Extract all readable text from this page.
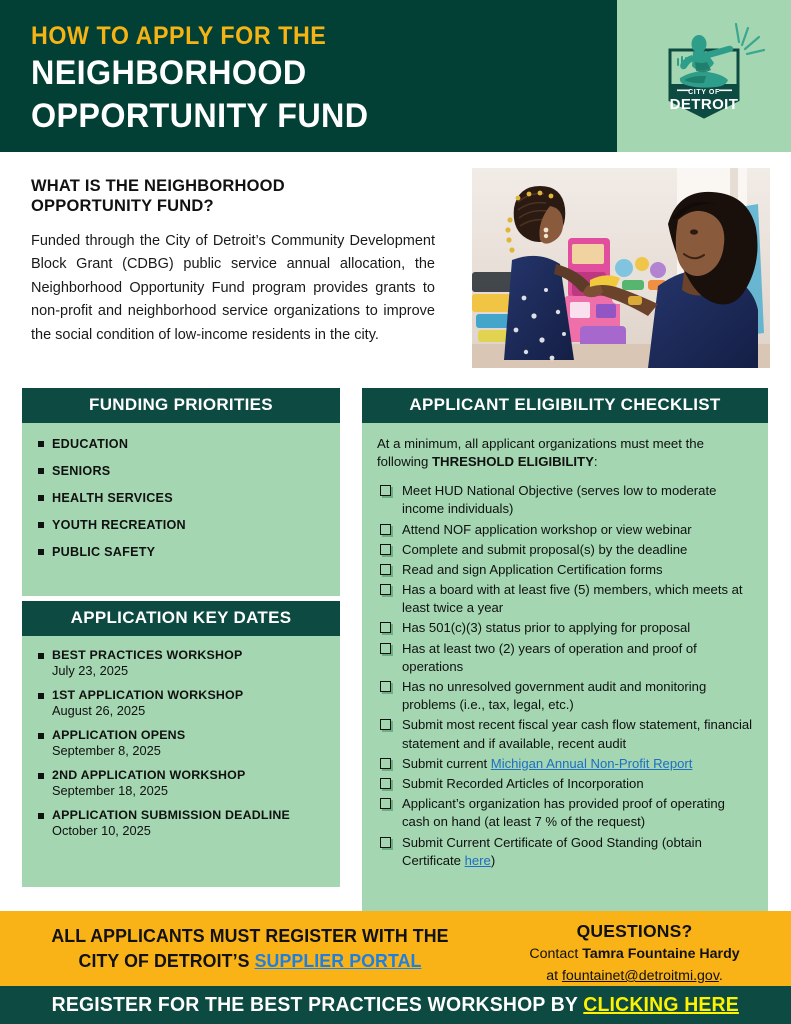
HOW TO APPLY FOR THE
NEIGHBORHOOD
OPPORTUNITY FUND
CITY OF
DETROIT
WHAT IS THE NEIGHBORHOOD
OPPORTUNITY FUND?
Funded through the City of Detroit’s Community Development Block Grant (CDBG) public service annual allocation, the Neighborhood Opportunity Fund program provides grants to non-profit and neighborhood service organizations to improve the social condition of low-income residents in the city.
FUNDING PRIORITIES
EDUCATION
SENIORS
HEALTH SERVICES
YOUTH RECREATION
PUBLIC SAFETY
APPLICATION KEY DATES
BEST PRACTICES WORKSHOP
July 23, 2025
1ST APPLICATION WORKSHOP
August 26, 2025
APPLICATION OPENS
September 8, 2025
2ND APPLICATION WORKSHOP
September 18, 2025
APPLICATION SUBMISSION DEADLINE
October 10, 2025
APPLICANT ELIGIBILITY CHECKLIST

At a minimum, all applicant organizations must meet the following THRESHOLD ELIGIBILITY:

Meet HUD National Objective (serves low to moderate income individuals)
Attend NOF application workshop or view webinar
Complete and submit proposal(s) by the deadline
Read and sign Application Certification forms
Has a board with at least five (5) members, which meets at least twice a year
Has 501(c)(3) status prior to applying for proposal
Has at least two (2) years of operation and proof of operations
Has no unresolved government audit and monitoring problems (i.e., tax, legal, etc.)
Submit most recent fiscal year cash flow statement, financial statement and if available, recent audit
Submit current Michigan Annual Non-Profit Report
Submit Recorded Articles of Incorporation
Applicant’s organization has provided proof of operating cash on hand (at least 7 % of the request)
Submit Current Certificate of Good Standing (obtain Certificate here)
ALL APPLICANTS MUST REGISTER WITH THE
CITY OF DETROIT’S SUPPLIER PORTAL
QUESTIONS?
Contact Tamra Fountaine Hardy
at fountainet@detroitmi.gov.
REGISTER FOR THE BEST PRACTICES WORKSHOP BY CLICKING HERE
